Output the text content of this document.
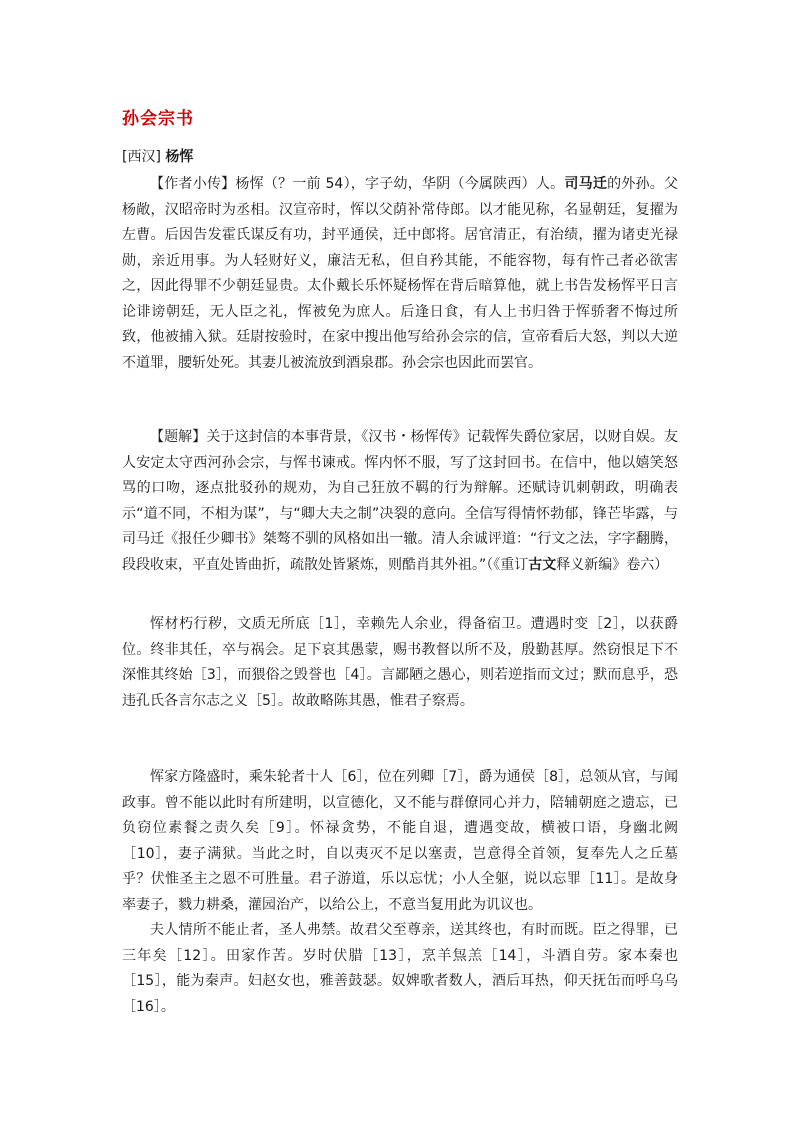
孙会宗书
[西汉] 杨恽

【作者小传】杨恽（？一前 54），字子幼，华阴（今属陕西）人。司马迁的外孙。父杨敞，汉昭帝时为丞相。汉宣帝时，恽以父荫补常侍郎。以才能见称，名显朝廷，复擢为左曹。后因告发霍氏谋反有功，封平通侯，迁中郎将。居官清正，有治绩，擢为诸吏光禄勋，亲近用事。为人轻财好义，廉洁无私，但自矜其能，不能容物，每有忤己者必欲害之，因此得罪不少朝廷显贵。太仆戴长乐怀疑杨恽在背后暗算他，就上书告发杨恽平日言论诽谤朝廷，无人臣之礼，恽被免为庶人。后逢日食，有人上书归咎于恽骄奢不悔过所致，他被捕入狱。廷尉按验时，在家中搜出他写给孙会宗的信，宣帝看后大怒，判以大逆不道罪，腰斩处死。其妻儿被流放到酒泉郡。孙会宗也因此而罢官。

【题解】关于这封信的本事背景，《汉书・杨恽传》记载恽失爵位家居，以财自娱。友人安定太守西河孙会宗，与恽书谏戒。恽内怀不服，写了这封回书。在信中，他以嬉笑怒骂的口吻，逐点批驳孙的规劝，为自己狂放不羁的行为辩解。还赋诗讥刺朝政，明确表示“道不同，不相为谋”，与“卿大夫之制”决裂的意向。全信写得情怀勃郁，锋芒毕露，与司马迁《报任少卿书》桀骜不驯的风格如出一辙。清人余诚评道：“行文之法，字字翻腾，段段收束，平直处皆曲折，疏散处皆紧炼，则酷肖其外祖。”（《重订古文释义新编》卷六）

恽材朽行秽，文质无所底［1］，幸赖先人余业，得备宿卫。遭遇时变［2］，以获爵位。终非其任，卒与祸会。足下哀其愚蒙，赐书教督以所不及，殷勤甚厚。然窃恨足下不深惟其终始［3］，而猥俗之毁誉也［4］。言鄙陋之愚心，则若逆指而文过；默而息乎，恐违孔氏各言尔志之义［5］。故敢略陈其愚，惟君子察焉。

恽家方隆盛时，乘朱轮者十人［6］，位在列卿［7］，爵为通侯［8］，总领从官，与闻政事。曾不能以此时有所建明，以宣德化，又不能与群僚同心并力，陪辅朝庭之遗忘，已负窃位素餐之责久矣［9］。怀禄贪势，不能自退，遭遇变故，横被口语，身幽北阙［10］，妻子满狱。当此之时，自以夷灭不足以塞责，岂意得全首领，复奉先人之丘墓乎？伏惟圣主之恩不可胜量。君子游道，乐以忘忧；小人全躯，说以忘罪［11］。是故身率妻子，戮力耕桑，灌园治产，以给公上，不意当复用此为讥议也。

夫人情所不能止者，圣人弗禁。故君父至尊亲，送其终也，有时而既。臣之得罪，已三年矣［12］。田家作苦。岁时伏腊［13］，烹羊炰羔［14］，斗酒自劳。家本秦也［15］，能为秦声。妇赵女也，雅善鼓瑟。奴婢歌者数人，酒后耳热，仰天抚缶而呼乌乌［16］。
